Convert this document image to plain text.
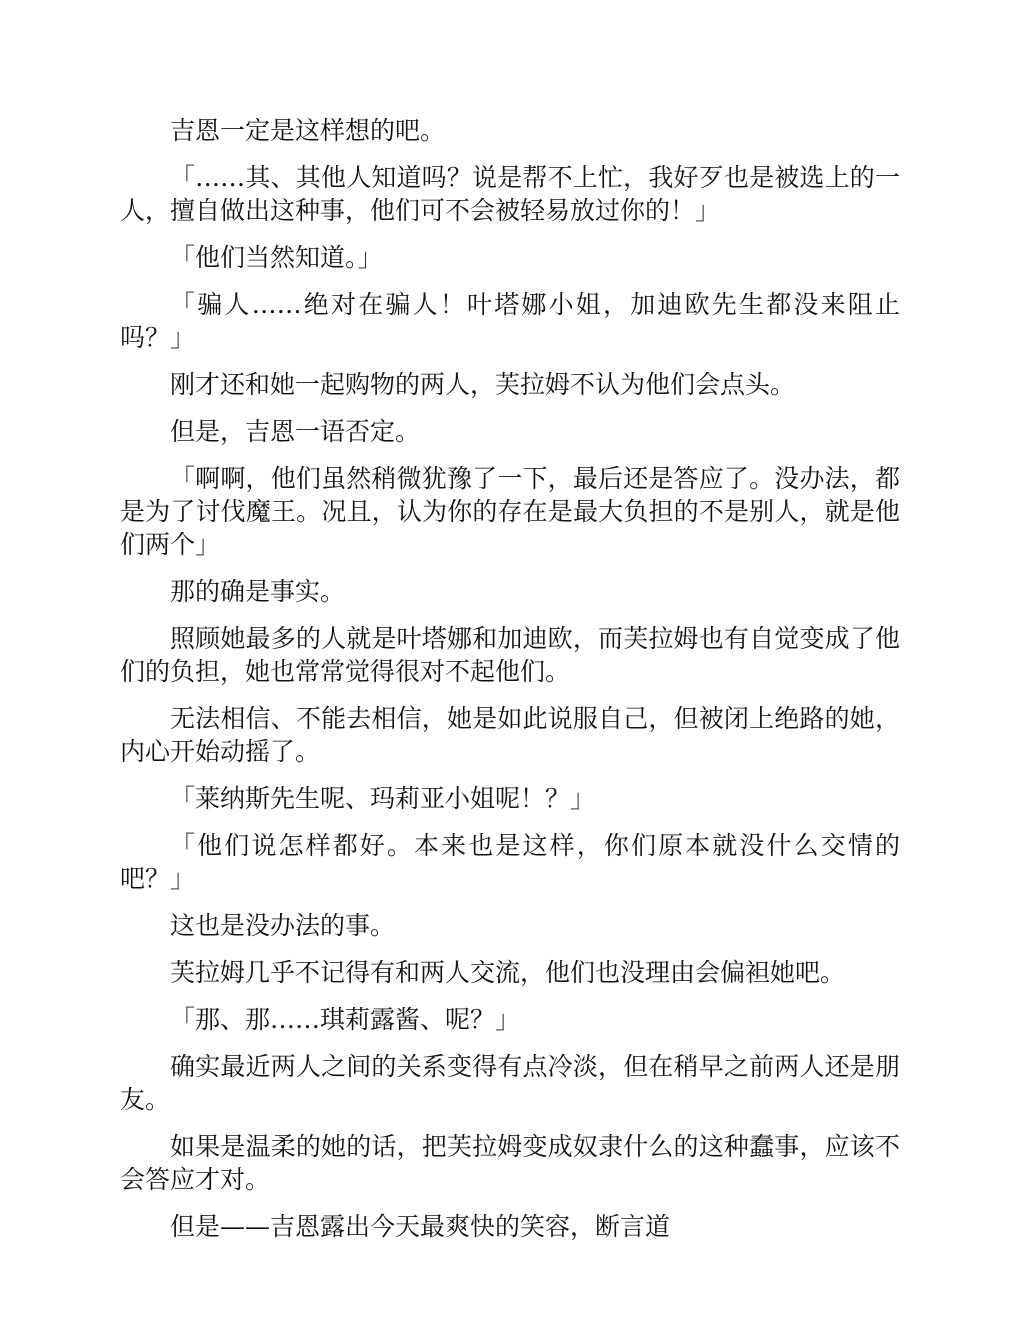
吉恩一定是这样想的吧。

「……其、其他人知道吗？说是帮不上忙，我好歹也是被选上的一人，擅自做出这种事，他们可不会被轻易放过你的！」

「他们当然知道。」

「骗人……绝对在骗人！叶塔娜小姐，加迪欧先生都没来阻止吗？」

刚才还和她一起购物的两人，芙拉姆不认为他们会点头。

但是，吉恩一语否定。

「啊啊，他们虽然稍微犹豫了一下，最后还是答应了。没办法，都是为了讨伐魔王。况且，认为你的存在是最大负担的不是别人，就是他们两个」

那的确是事实。

照顾她最多的人就是叶塔娜和加迪欧，而芙拉姆也有自觉变成了他们的负担，她也常常觉得很对不起他们。

无法相信、不能去相信，她是如此说服自己，但被闭上绝路的她，内心开始动摇了。

「莱纳斯先生呢、玛莉亚小姐呢！？」

「他们说怎样都好。本来也是这样，你们原本就没什么交情的吧？」

这也是没办法的事。

芙拉姆几乎不记得有和两人交流，他们也没理由会偏袒她吧。

「那、那……琪莉露酱、呢？」

确实最近两人之间的关系变得有点冷淡，但在稍早之前两人还是朋友。

如果是温柔的她的话，把芙拉姆变成奴隶什么的这种蠢事，应该不会答应才对。

但是——吉恩露出今天最爽快的笑容，断言道
